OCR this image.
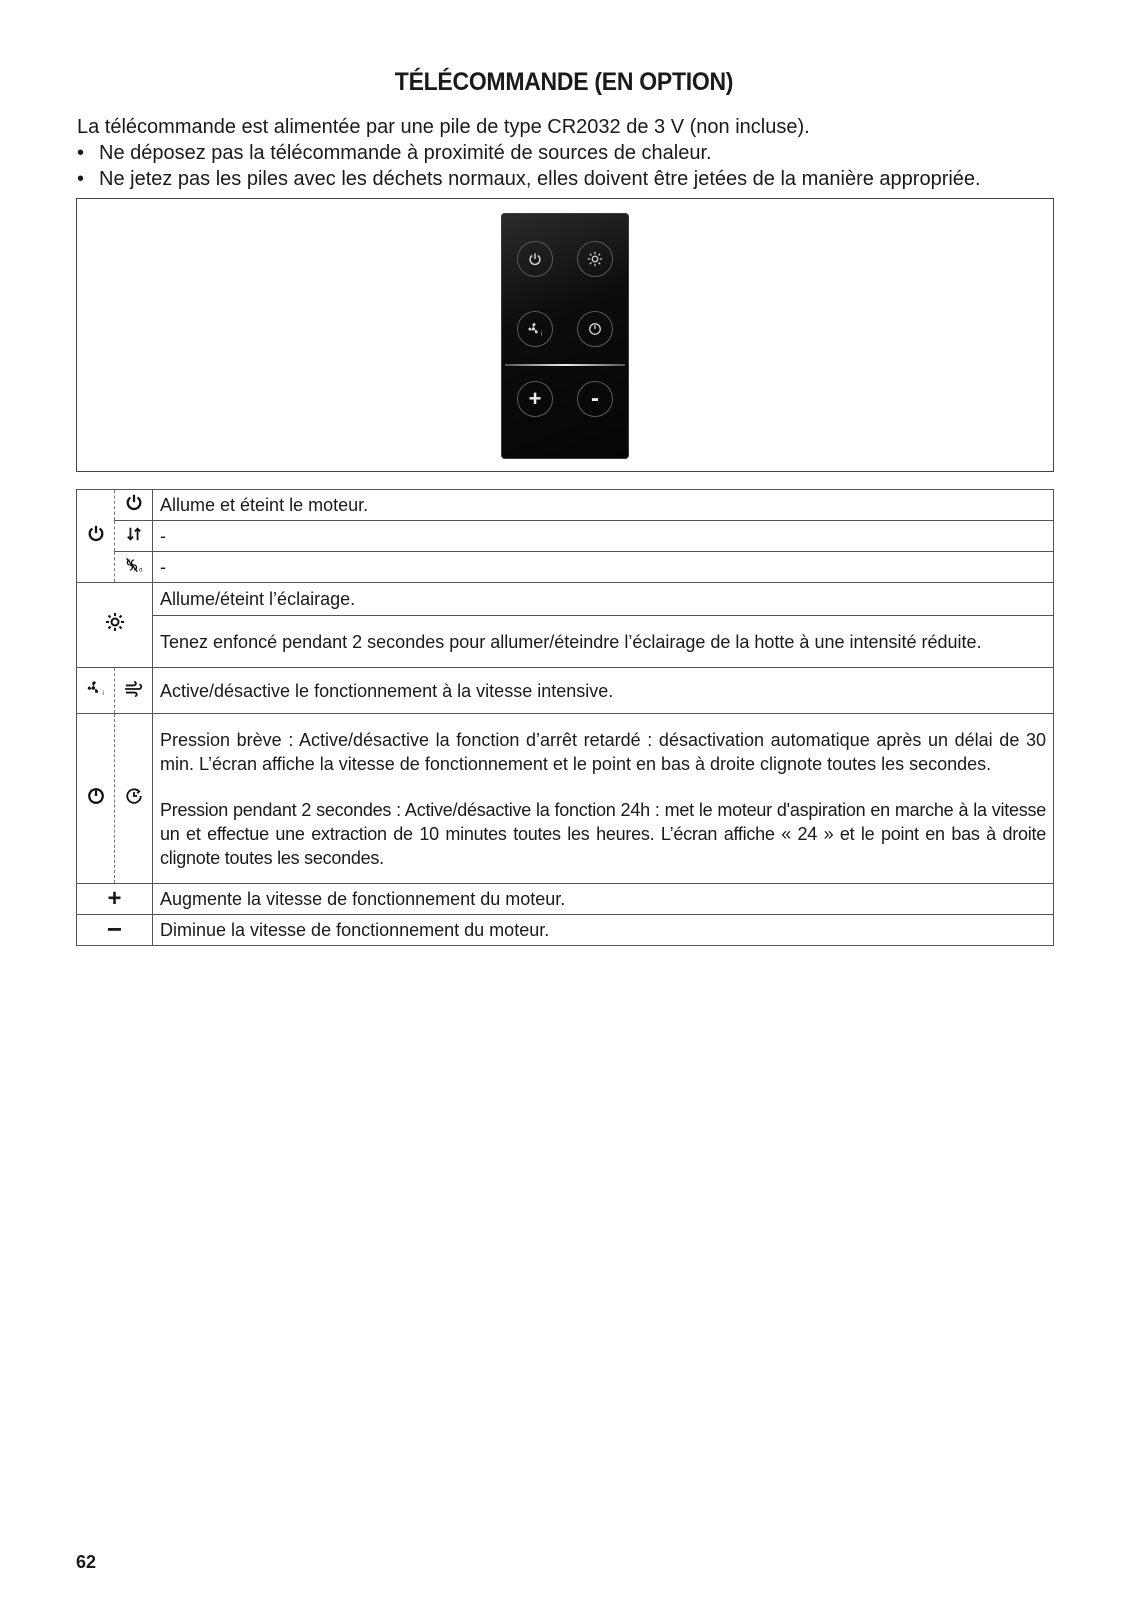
TÉLÉCOMMANDE (EN OPTION)
La télécommande est alimentée par une pile de type CR2032 de 3 V (non incluse).
• Ne déposez pas la télécommande à proximité de sources de chaleur.
• Ne jetez pas les piles avec les déchets normaux, elles doivent être jetées de la manière appropriée.
i
+ -

	Allume et éteint le moteur.

	-

o	-

	Allume/éteint l’éclairage.
		Tenez enfoncé pendant 2 secondes pour allumer/éteindre l’éclairage de la hotte à une intensité réduite.

i		Active/désactive le fonctionnement à la vitesse intensive.

Pression brève : Active/désactive la fonction d’arrêt retardé : désactivation automatique après un délai de 30 min. L’écran affiche la vitesse de fonctionnement et le point en bas à droite clignote toutes les secondes.
Pression pendant 2 secondes : Active/désactive la fonction 24h : met le moteur d'aspiration en marche à la vitesse un et effectue une extraction de 10 minutes toutes les heures. L’écran affiche « 24 » et le point en bas à droite clignote toutes les secondes.

+		Augmente la vitesse de fonctionnement du moteur.
−		Diminue la vitesse de fonctionnement du moteur.
62
